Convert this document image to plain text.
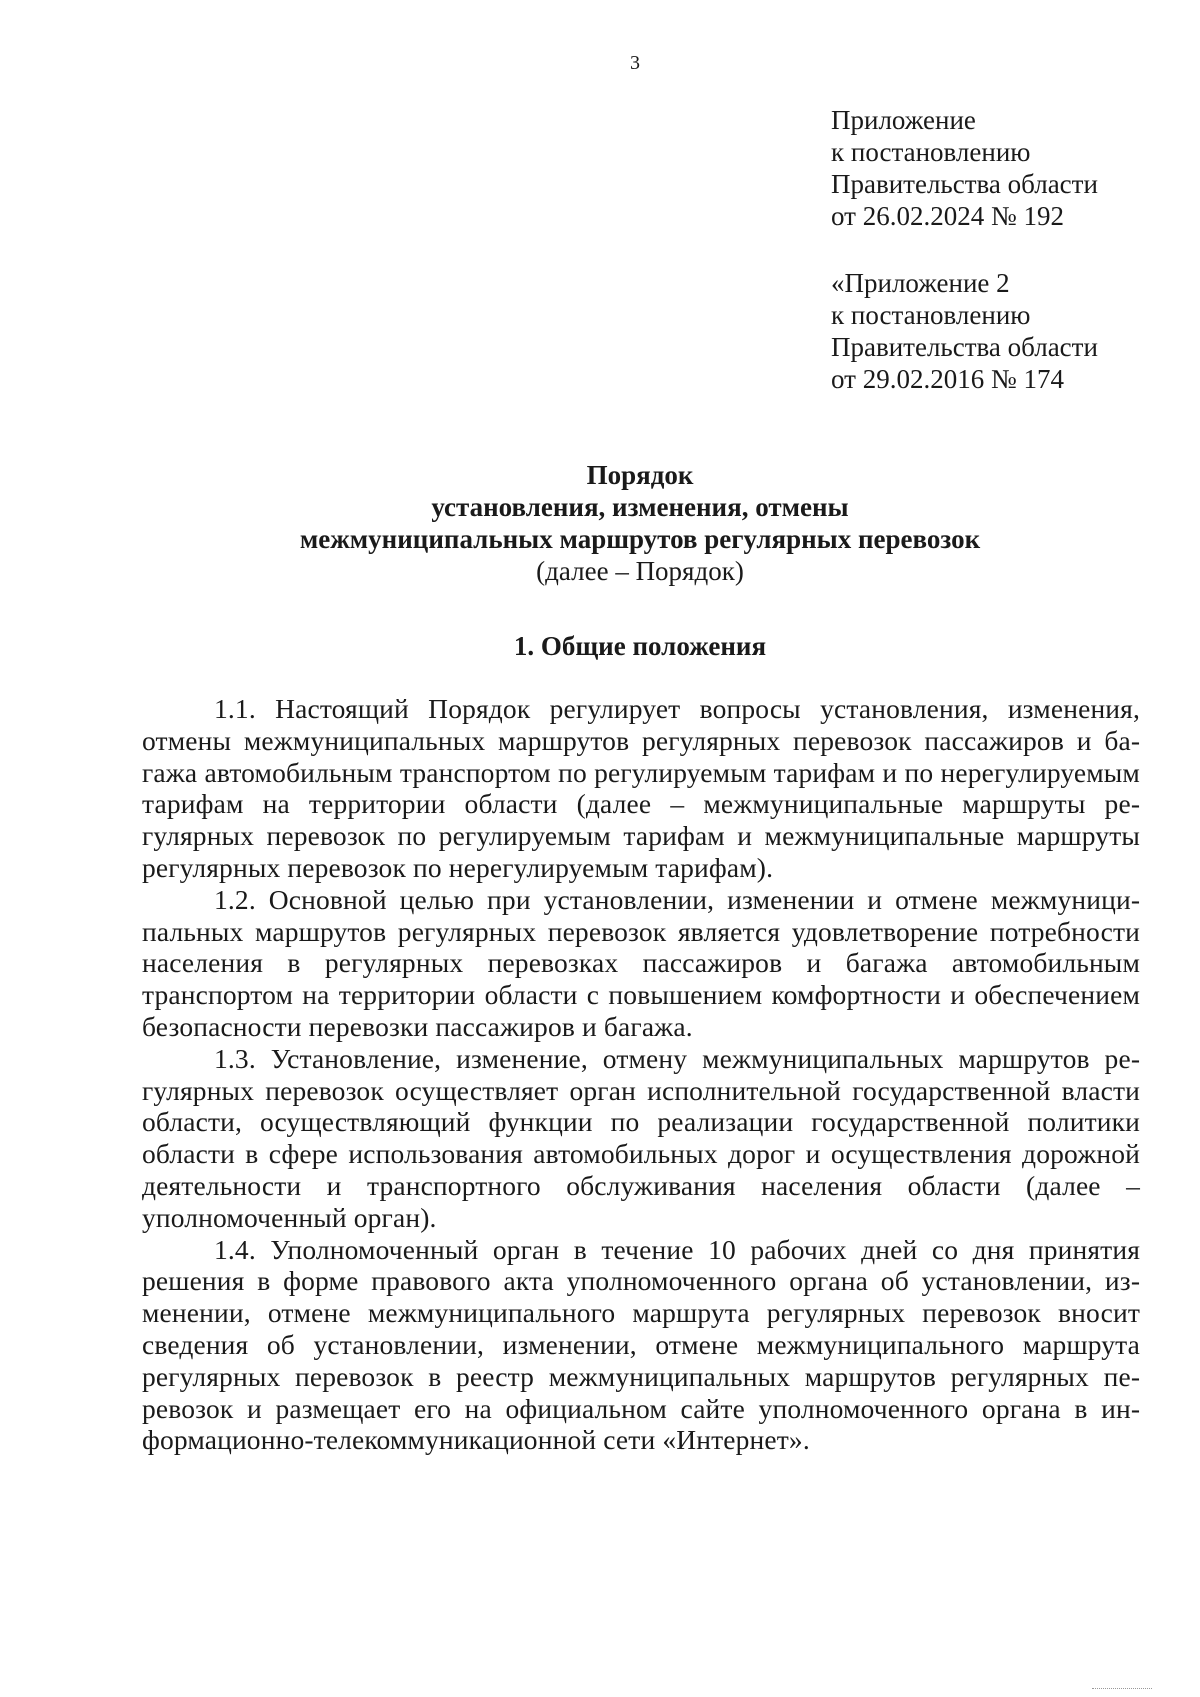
3
Приложение
к постановлению
Правительства области
от 26.02.2024 № 192
«Приложение 2
к постановлению
Правительства области
от 29.02.2016 № 174
Порядок
установления, изменения, отмены
межмуниципальных маршрутов регулярных перевозок
(далее – Порядок)
1. Общие положения

1.1. Настоящий Порядок регулирует вопросы установления, изменения, отмены межмуниципальных маршрутов регулярных перевозок пассажиров и багажа автомобильным транспортом по регулируемым тарифам и по нерегулируемым тарифам на территории области (далее – межмуниципальные маршруты регулярных перевозок по регулируемым тарифам и межмуниципальные маршруты регулярных перевозок по нерегулируемым тарифам).

1.2. Основной целью при установлении, изменении и отмене межмуниципальных маршрутов регулярных перевозок является удовлетворение потребности населения в регулярных перевозках пассажиров и багажа автомобильным транспортом на территории области с повышением комфортности и обеспечением безопасности перевозки пассажиров и багажа.

1.3. Установление, изменение, отмену межмуниципальных маршрутов регулярных перевозок осуществляет орган исполнительной государственной власти области, осуществляющий функции по реализации государственной политики области в сфере использования автомобильных дорог и осуществления дорожной деятельности и транспортного обслуживания населения области (далее – уполномоченный орган).

1.4. Уполномоченный орган в течение 10 рабочих дней со дня принятия решения в форме правового акта уполномоченного органа об установлении, изменении, отмене межмуниципального маршрута регулярных перевозок вносит сведения об установлении, изменении, отмене межмуниципального маршрута регулярных перевозок в реестр межмуниципальных маршрутов регулярных перевозок и размещает его на официальном сайте уполномоченного органа в информационно-телекоммуникационной сети «Интернет».
